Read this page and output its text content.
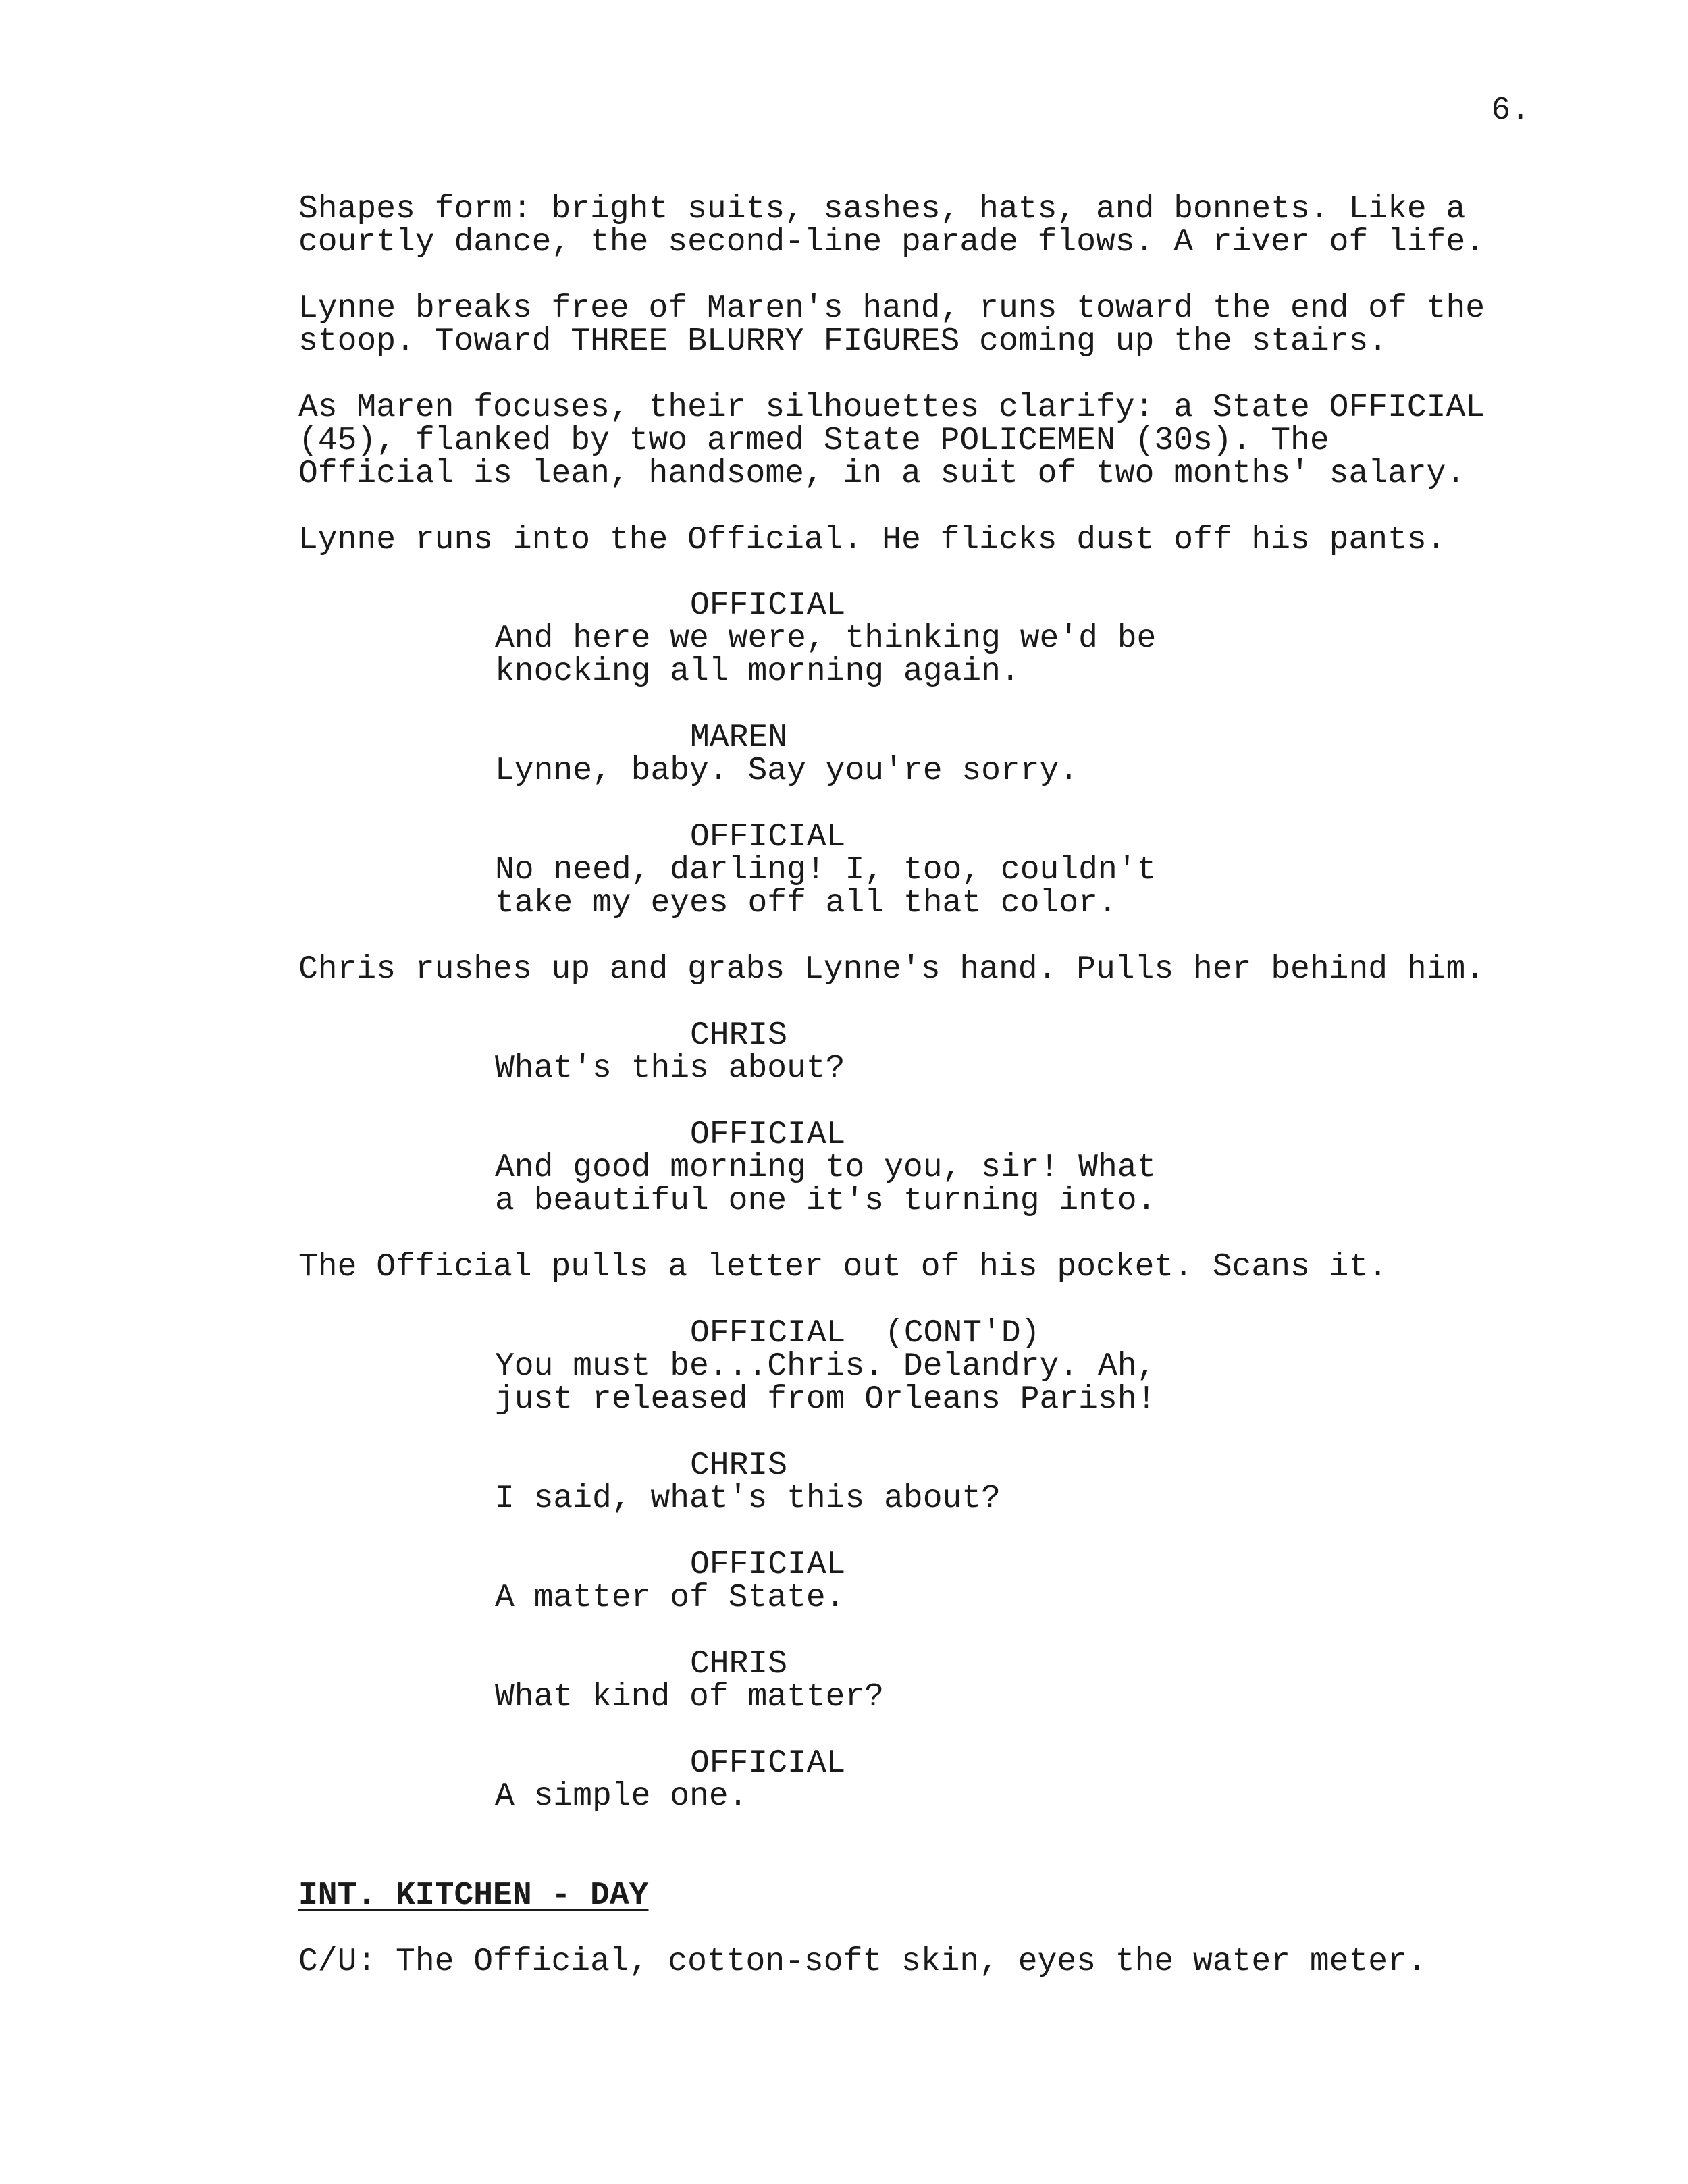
6.

Shapes form: bright suits, sashes, hats, and bonnets. Like a
courtly dance, the second-line parade flows. A river of life.

Lynne breaks free of Maren's hand, runs toward the end of the
stoop. Toward THREE BLURRY FIGURES coming up the stairs.

As Maren focuses, their silhouettes clarify: a State OFFICIAL
(45), flanked by two armed State POLICEMEN (30s). The
Official is lean, handsome, in a suit of two months' salary.

Lynne runs into the Official. He flicks dust off his pants.

OFFICIAL

And here we were, thinking we'd be
knocking all morning again.

MAREN

Lynne, baby. Say you're sorry.

OFFICIAL

No need, darling! I, too, couldn't
take my eyes off all that color.

Chris rushes up and grabs Lynne's hand. Pulls her behind him.

CHRIS

What's this about?

OFFICIAL

And good morning to you, sir! What
a beautiful one it's turning into.

The Official pulls a letter out of his pocket. Scans it.

OFFICIAL  (CONT'D)

You must be...Chris. Delandry. Ah,
just released from Orleans Parish!

CHRIS

I said, what's this about?

OFFICIAL

A matter of State.

CHRIS

What kind of matter?

OFFICIAL

A simple one.

INT. KITCHEN - DAY

C/U: The Official, cotton-soft skin, eyes the water meter.
